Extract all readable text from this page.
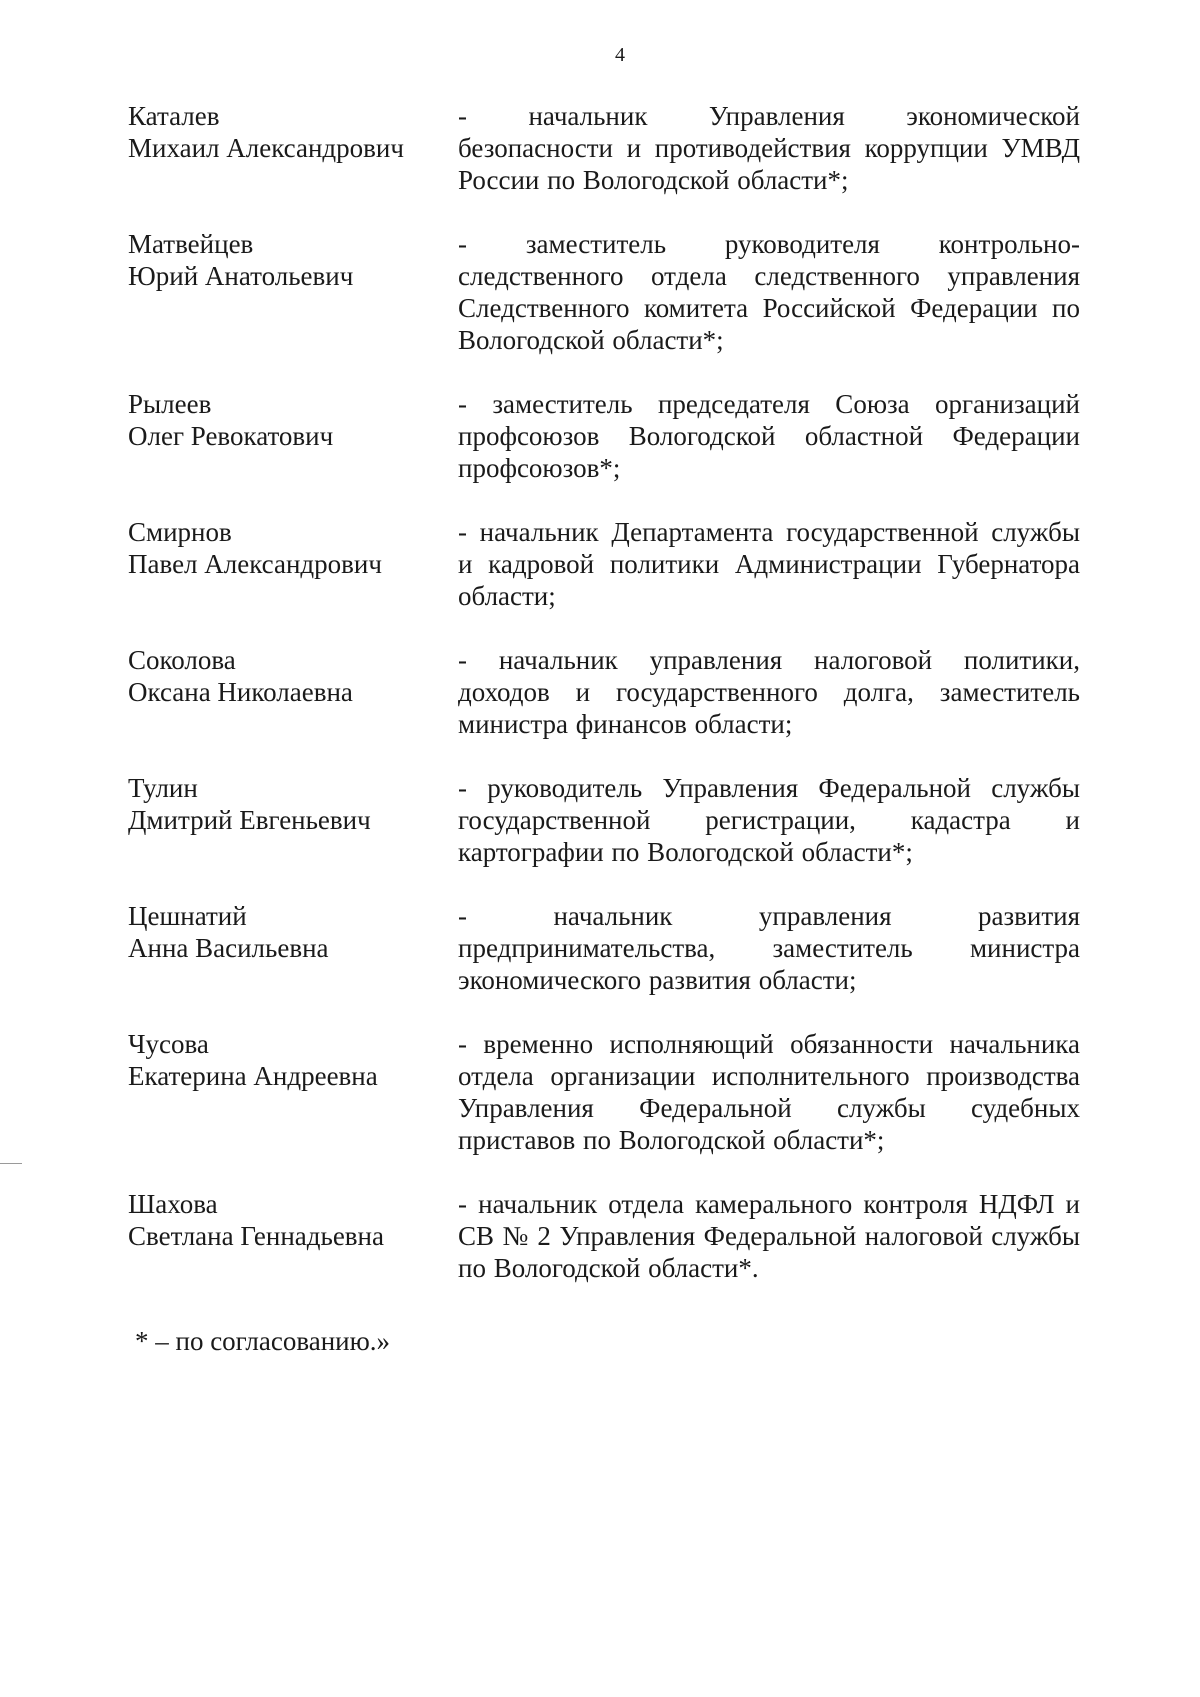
4
Каталев
Михаил Александрович
- начальник Управления экономической безопасности и противодействия коррупции УМВД России по Вологодской области*;
Матвейцев
Юрий Анатольевич
- заместитель руководителя контрольно-следственного отдела следственного управления Следственного комитета Российской Федерации по Вологодской области*;
Рылеев
Олег Ревокатович
- заместитель председателя Союза организаций профсоюзов Вологодской областной Федерации профсоюзов*;
Смирнов
Павел Александрович
- начальник Департамента государственной службы и кадровой политики Администрации Губернатора области;
Соколова
Оксана Николаевна
- начальник управления налоговой политики, доходов и государственного долга, заместитель министра финансов области;
Тулин
Дмитрий Евгеньевич
- руководитель Управления Федеральной службы государственной регистрации, кадастра и картографии по Вологодской области*;
Цешнатий
Анна Васильевна
- начальник управления развития предпринимательства, заместитель министра экономического развития области;
Чусова
Екатерина Андреевна
- временно исполняющий обязанности начальника отдела организации исполнительного производства Управления Федеральной службы судебных приставов по Вологодской области*;
Шахова
Светлана Геннадьевна
- начальник отдела камерального контроля НДФЛ и СВ № 2 Управления Федеральной налоговой службы по Вологодской области*.
* – по согласованию.»
